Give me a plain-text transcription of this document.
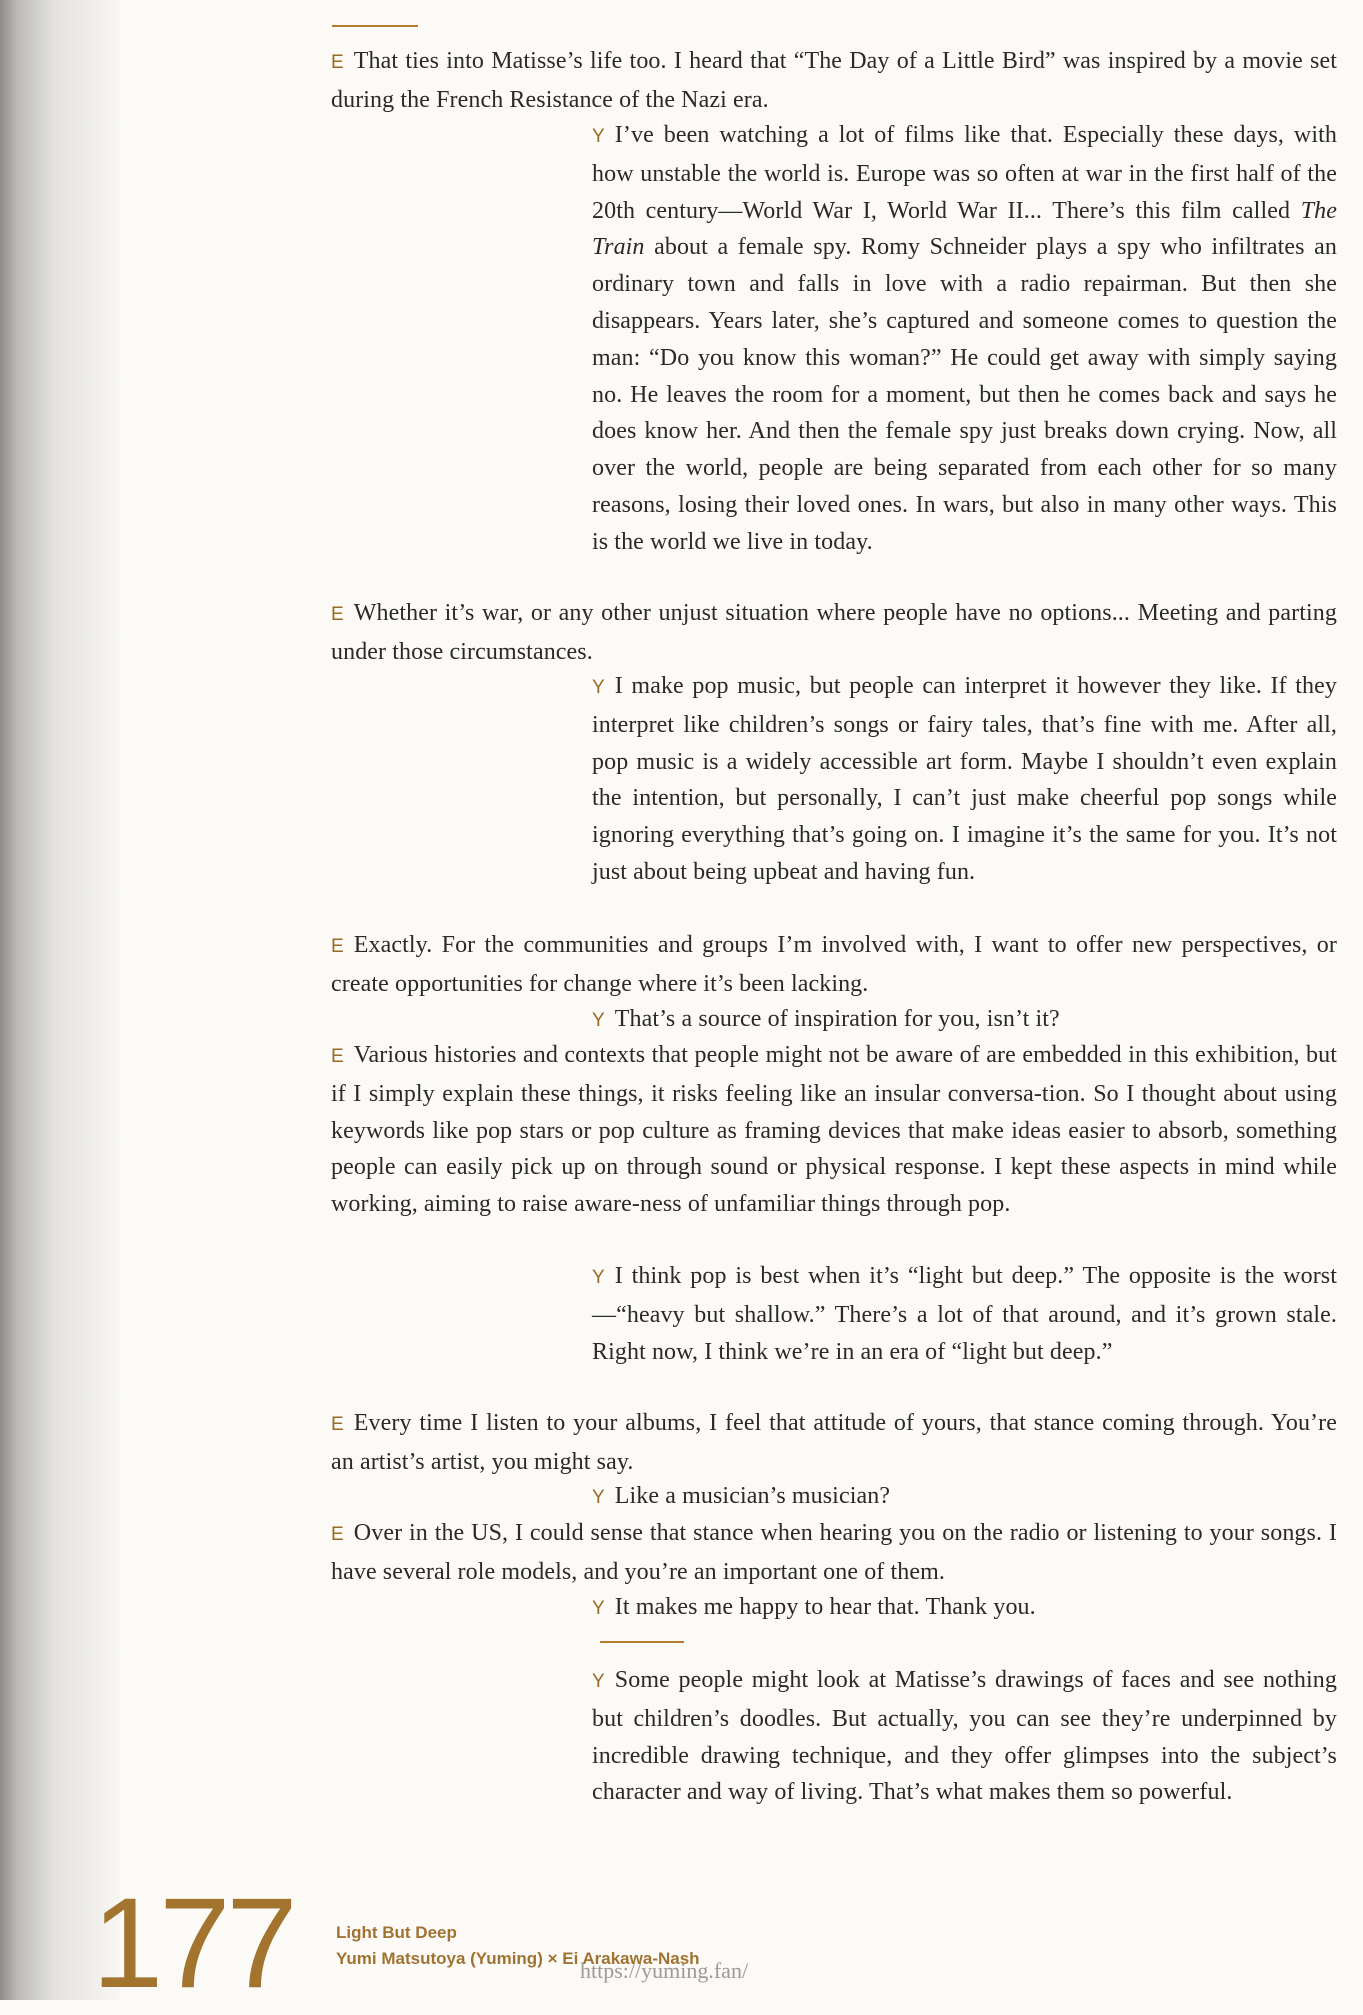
E That ties into Matisse’s life too. I heard that “The Day of a Little Bird” was inspired by a movie set during the French Resistance of the Nazi era.

Y I’ve been watching a lot of films like that. Especially these days, with how unstable the world is. Europe was so often at war in the first half of the 20th century—World War I, World War II... There’s this film called The Train about a female spy. Romy Schneider plays a spy who infiltrates an ordinary town and falls in love with a radio repairman. But then she disappears. Years later, she’s captured and someone comes to question the man: “Do you know this woman?” He could get away with simply saying no. He leaves the room for a moment, but then he comes back and says he does know her. And then the female spy just breaks down crying. Now, all over the world, people are being separated from each other for so many reasons, losing their loved ones. In wars, but also in many other ways. This is the world we live in today.

E Whether it’s war, or any other unjust situation where people have no options... Meeting and parting under those circumstances.

Y I make pop music, but people can interpret it however they like. If they interpret like children’s songs or fairy tales, that’s fine with me. After all, pop music is a widely accessible art form. Maybe I shouldn’t even explain the intention, but personally, I can’t just make cheerful pop songs while ignoring everything that’s going on. I imagine it’s the same for you. It’s not just about being upbeat and having fun.

E Exactly. For the communities and groups I’m involved with, I want to offer new perspectives, or create opportunities for change where it’s been lacking.

Y That’s a source of inspiration for you, isn’t it?

E Various histories and contexts that people might not be aware of are embedded in this exhibition, but if I simply explain these things, it risks feeling like an insular conversa-tion. So I thought about using keywords like pop stars or pop culture as framing devices that make ideas easier to absorb, something people can easily pick up on through sound or physical response. I kept these aspects in mind while working, aiming to raise aware-ness of unfamiliar things through pop.

Y I think pop is best when it’s “light but deep.” The opposite is the worst—“heavy but shallow.” There’s a lot of that around, and it’s grown stale. Right now, I think we’re in an era of “light but deep.”

E Every time I listen to your albums, I feel that attitude of yours, that stance coming through. You’re an artist’s artist, you might say.

Y Like a musician’s musician?

E Over in the US, I could sense that stance when hearing you on the radio or listening to your songs. I have several role models, and you’re an important one of them.

Y It makes me happy to hear that. Thank you.

Y Some people might look at Matisse’s drawings of faces and see nothing but children’s doodles. But actually, you can see they’re underpinned by incredible drawing technique, and they offer glimpses into the subject’s character and way of living. That’s what makes them so powerful.

177 Light But Deep
Yumi Matsutoya (Yuming) × Ei Arakawa-Nash
https://yuming.fan/
